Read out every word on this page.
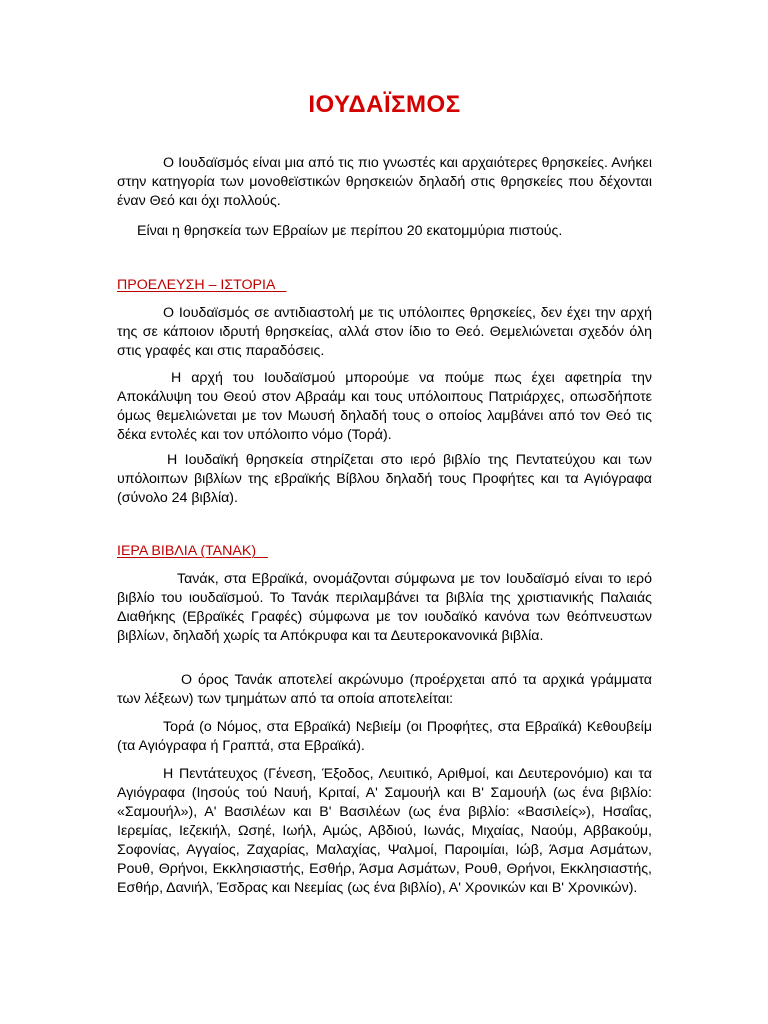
ΙΟΥΔΑΪΣΜΟΣ

Ο Ιουδαϊσμός είναι μια από τις πιο γνωστές και αρχαιότερες θρησκείες. Ανήκει στην κατηγορία των μονοθεϊστικών θρησκειών δηλαδή στις θρησκείες που δέχονται έναν Θεό και όχι πολλούς.

Είναι η θρησκεία των Εβραίων με περίπου 20 εκατομμύρια πιστούς.

ΠΡΟΕΛΕΥΣΗ – ΙΣΤΟΡΙΑ

Ο Ιουδαϊσμός σε αντιδιαστολή με τις υπόλοιπες θρησκείες, δεν έχει την αρχή της σε κάποιον ιδρυτή θρησκείας, αλλά στον ίδιο το Θεό. Θεμελιώνεται σχεδόν όλη στις γραφές και στις παραδόσεις.

Η αρχή του Ιουδαϊσμού μπορούμε να πούμε πως έχει αφετηρία την Αποκάλυψη του Θεού στον Αβραάμ και τους υπόλοιπους Πατριάρχες, οπωσδήποτε όμως θεμελιώνεται με τον Μωυσή δηλαδή τους ο οποίος λαμβάνει από τον Θεό τις δέκα εντολές και τον υπόλοιπο νόμο (Τορά).

Η Ιουδαϊκή θρησκεία στηρίζεται στο ιερό βιβλίο της Πεντατεύχου και των υπόλοιπων βιβλίων της εβραϊκής Βίβλου δηλαδή τους Προφήτες και τα Αγιόγραφα (σύνολο 24 βιβλία).

ΙΕΡΑ ΒΙΒΛΙΑ (ΤΑΝΑΚ)

Τανάκ, στα Εβραϊκά, ονομάζονται σύμφωνα με τον Ιουδαϊσμό είναι το ιερό βιβλίο του ιουδαϊσμού. Το Τανάκ περιλαμβάνει τα βιβλία της χριστιανικής Παλαιάς Διαθήκης (Εβραϊκές Γραφές) σύμφωνα με τον ιουδαϊκό κανόνα των θεόπνευστων βιβλίων, δηλαδή χωρίς τα Απόκρυφα και τα Δευτεροκανονικά βιβλία.

Ο όρος Τανάκ αποτελεί ακρώνυμο (προέρχεται από τα αρχικά γράμματα των λέξεων) των τμημάτων από τα οποία αποτελείται:

Τορά (ο Νόμος, στα Εβραϊκά) Νεβιείμ (οι Προφήτες, στα Εβραϊκά) Κεθουβείμ (τα Αγιόγραφα ή Γραπτά, στα Εβραϊκά).

Η Πεντάτευχος (Γένεση, Έξοδος, Λευιτικό, Αριθμοί, και Δευτερονόμιο) και τα Αγιόγραφα (Ιησούς τού Ναυή, Κριταί, Α' Σαμουήλ και Β' Σαμουήλ (ως ένα βιβλίο: «Σαμουήλ»), Α' Βασιλέων και Β' Βασιλέων (ως ένα βιβλίο: «Βασιλείς»), Ησαΐας, Ιερεμίας, Ιεζεκιήλ, Ωσηέ, Ιωήλ, Αμώς, Αβδιού, Ιωνάς, Μιχαίας, Ναούμ, Αββακούμ, Σοφονίας, Αγγαίος, Ζαχαρίας, Μαλαχίας, Ψαλμοί, Παροιμίαι, Ιώβ, Άσμα Ασμάτων, Ρουθ, Θρήνοι, Εκκλησιαστής, Εσθήρ, Άσμα Ασμάτων, Ρουθ, Θρήνοι, Εκκλησιαστής, Εσθήρ, Δανιήλ, Έσδρας και Νεεμίας (ως ένα βιβλίο), Α' Χρονικών και Β' Χρονικών).
